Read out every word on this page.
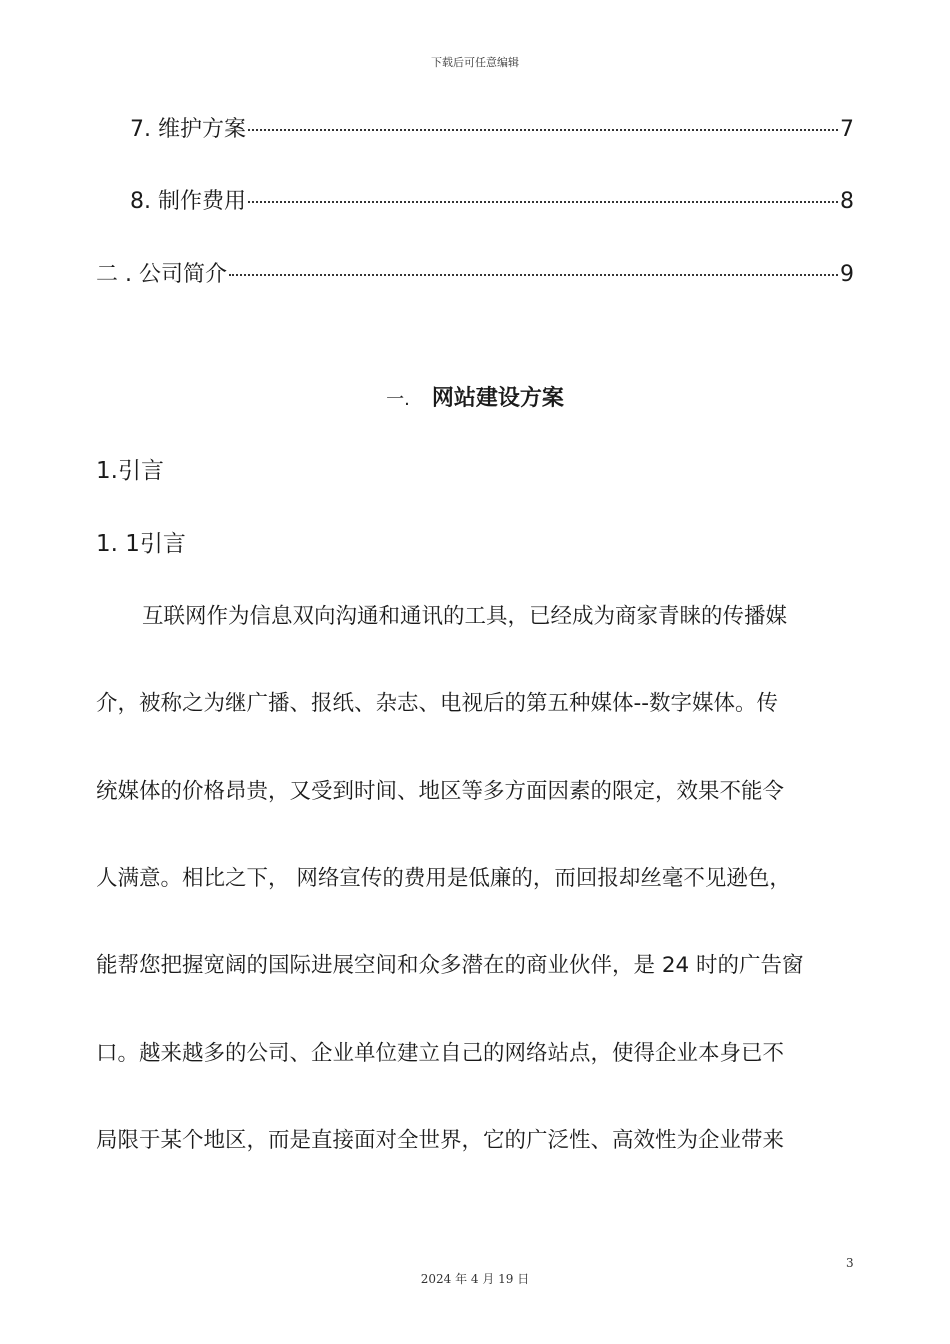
下载后可任意编辑
7. 维护方案	7
8. 制作费用	8
二 . 公司简介	9
一. 网站建设方案
1.引言
1. 1引言
互联网作为信息双向沟通和通讯的工具，已经成为商家青睐的传播媒
介，被称之为继广播、报纸、杂志、电视后的第五种媒体--数字媒体。传
统媒体的价格昂贵，又受到时间、地区等多方面因素的限定，效果不能令
人满意。相比之下， 网络宣传的费用是低廉的，而回报却丝毫不见逊色，
能帮您把握宽阔的国际进展空间和众多潜在的商业伙伴，是 24 时的广告窗
口。越来越多的公司、企业单位建立自己的网络站点，使得企业本身已不
局限于某个地区，而是直接面对全世界，它的广泛性、高效性为企业带来
3
2024 年 4 月 19 日
